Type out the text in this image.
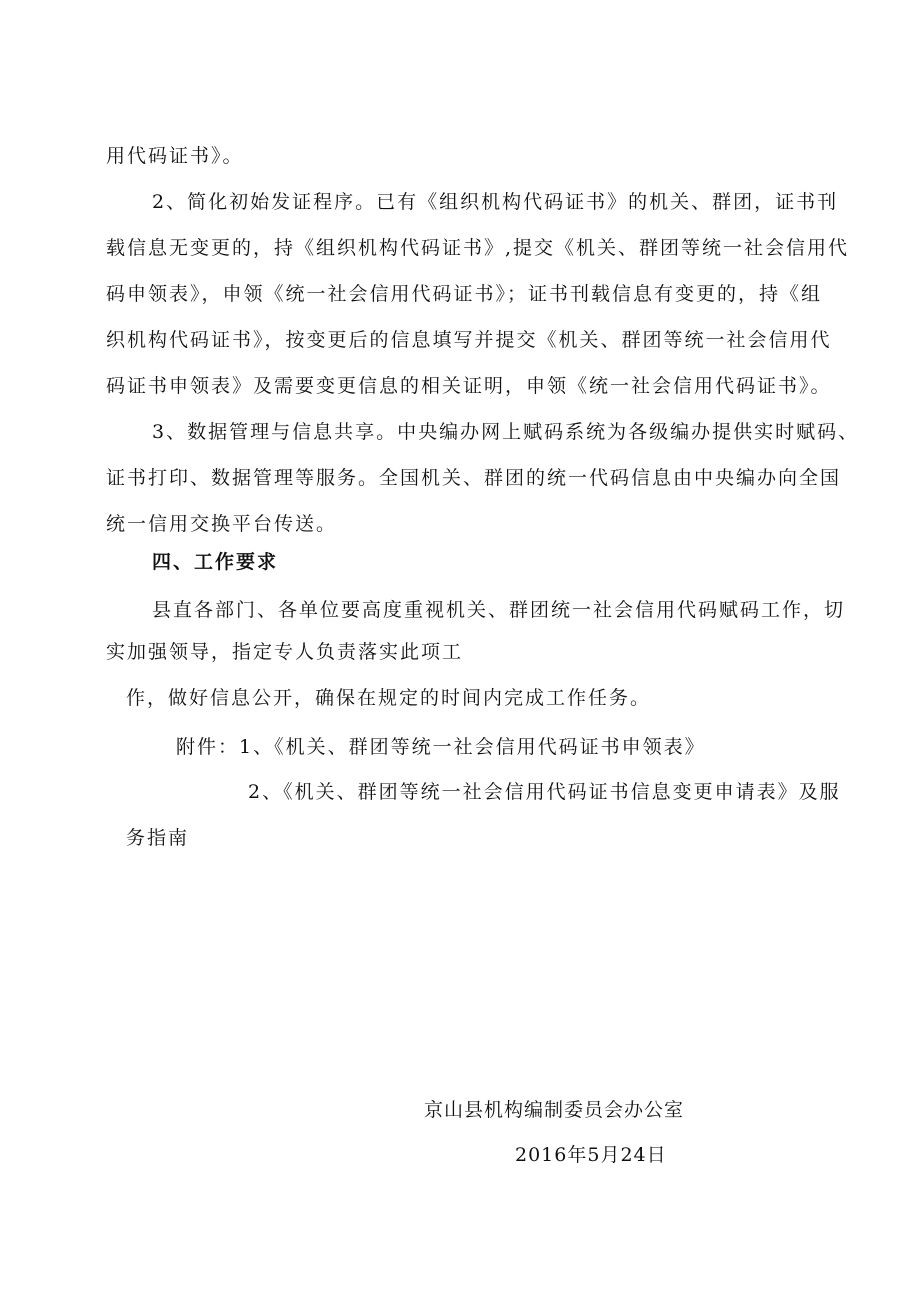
用代码证书》。
2、简化初始发证程序。已有《组织机构代码证书》的机关、群团，证书刊
载信息无变更的，持《组织机构代码证书》,提交《机关、群团等统一社会信用代
码申领表》，申领《统一社会信用代码证书》；证书刊载信息有变更的，持《组
织机构代码证书》，按变更后的信息填写并提交《机关、群团等统一社会信用代
码证书申领表》及需要变更信息的相关证明，申领《统一社会信用代码证书》。
3、数据管理与信息共享。中央编办网上赋码系统为各级编办提供实时赋码、
证书打印、数据管理等服务。全国机关、群团的统一代码信息由中央编办向全国
统一信用交换平台传送。
四、工作要求
县直各部门、各单位要高度重视机关、群团统一社会信用代码赋码工作，切
实加强领导，指定专人负责落实此项工
作，做好信息公开，确保在规定的时间内完成工作任务。
附件：1、《机关、群团等统一社会信用代码证书申领表》
2、《机关、群团等统一社会信用代码证书信息变更申请表》及服
务指南
京山县机构编制委员会办公室
2016年5月24日
